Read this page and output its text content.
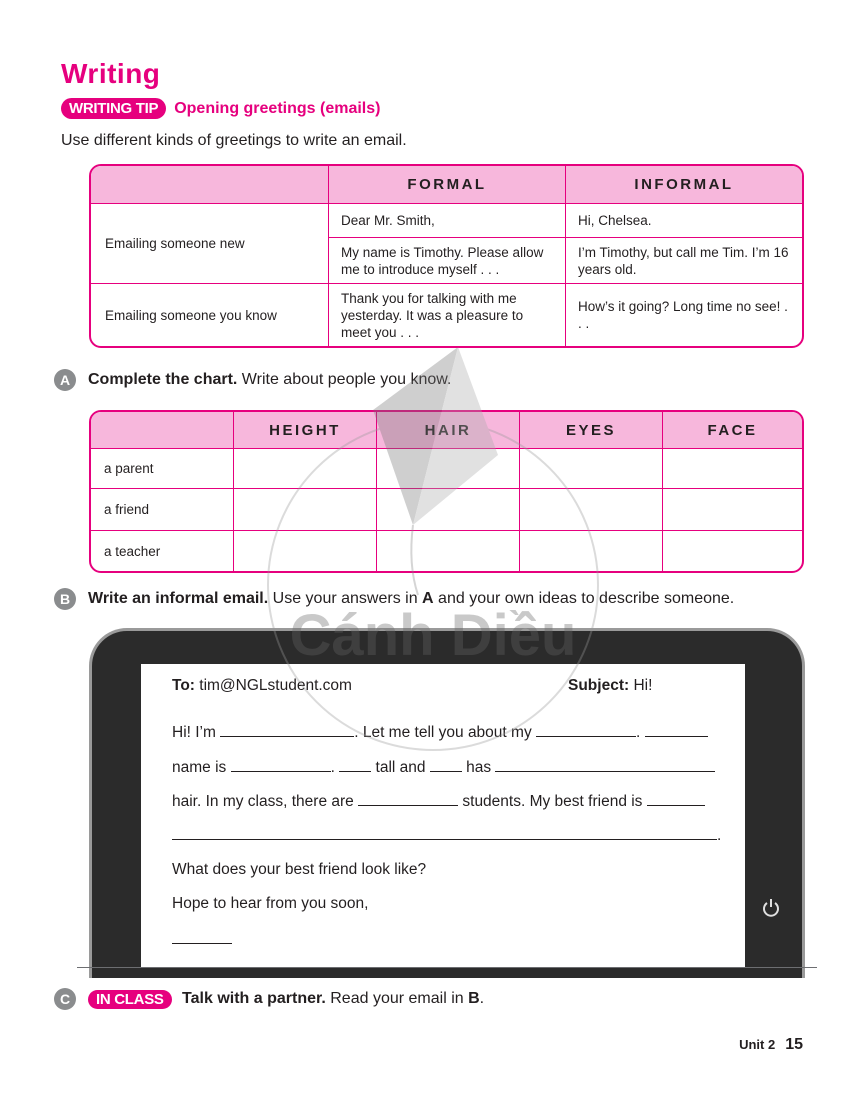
Writing
WRITING TIP	Opening greetings (emails)
Use different kinds of greetings to write an email.
	FORMAL	INFORMAL
Emailing someone new	Dear Mr. Smith,	Hi, Chelsea.
	My name is Timothy. Please allow me to introduce myself . . .	I’m Timothy, but call me Tim. I’m 16 years old.
Emailing someone you know	Thank you for talking with me yesterday. It was a pleasure to meet you . . .	How’s it going? Long time no see! . . .
A	Complete the chart. Write about people you know.
	HEIGHT	HAIR	EYES	FACE
a parent				
a friend				
a teacher				
B	Write an informal email. Use your answers in A and your own ideas to describe someone.
To: tim@NGLstudent.com	Subject: Hi!
Hi! I’m	. Let me tell you about my	.
name is	.  tall and  has
hair. In my class, there are	students. My best friend is
.
What does your best friend look like?
Hope to hear from you soon,
C	IN CLASS Talk with a partner. Read your email in B .
Unit 2 15
Cánh Diều
